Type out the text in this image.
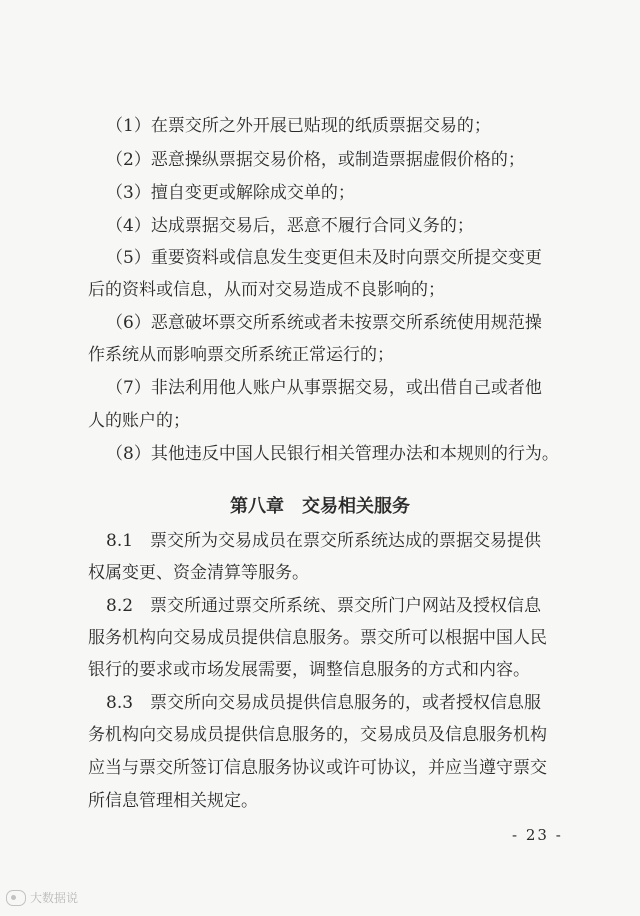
（1）在票交所之外开展已贴现的纸质票据交易的；
（2）恶意操纵票据交易价格，或制造票据虚假价格的；
（3）擅自变更或解除成交单的；
（4）达成票据交易后，恶意不履行合同义务的；
（5）重要资料或信息发生变更但未及时向票交所提交变更
后的资料或信息，从而对交易造成不良影响的；
（6）恶意破坏票交所系统或者未按票交所系统使用规范操
作系统从而影响票交所系统正常运行的；
（7）非法利用他人账户从事票据交易，或出借自己或者他
人的账户的；
（8）其他违反中国人民银行相关管理办法和本规则的行为。
第八章　交易相关服务
8.1　票交所为交易成员在票交所系统达成的票据交易提供
权属变更、资金清算等服务。
8.2　票交所通过票交所系统、票交所门户网站及授权信息
服务机构向交易成员提供信息服务。票交所可以根据中国人民
银行的要求或市场发展需要，调整信息服务的方式和内容。
8.3　票交所向交易成员提供信息服务的，或者授权信息服
务机构向交易成员提供信息服务的，交易成员及信息服务机构
应当与票交所签订信息服务协议或许可协议，并应当遵守票交
所信息管理相关规定。
- 23 -
大数据说
